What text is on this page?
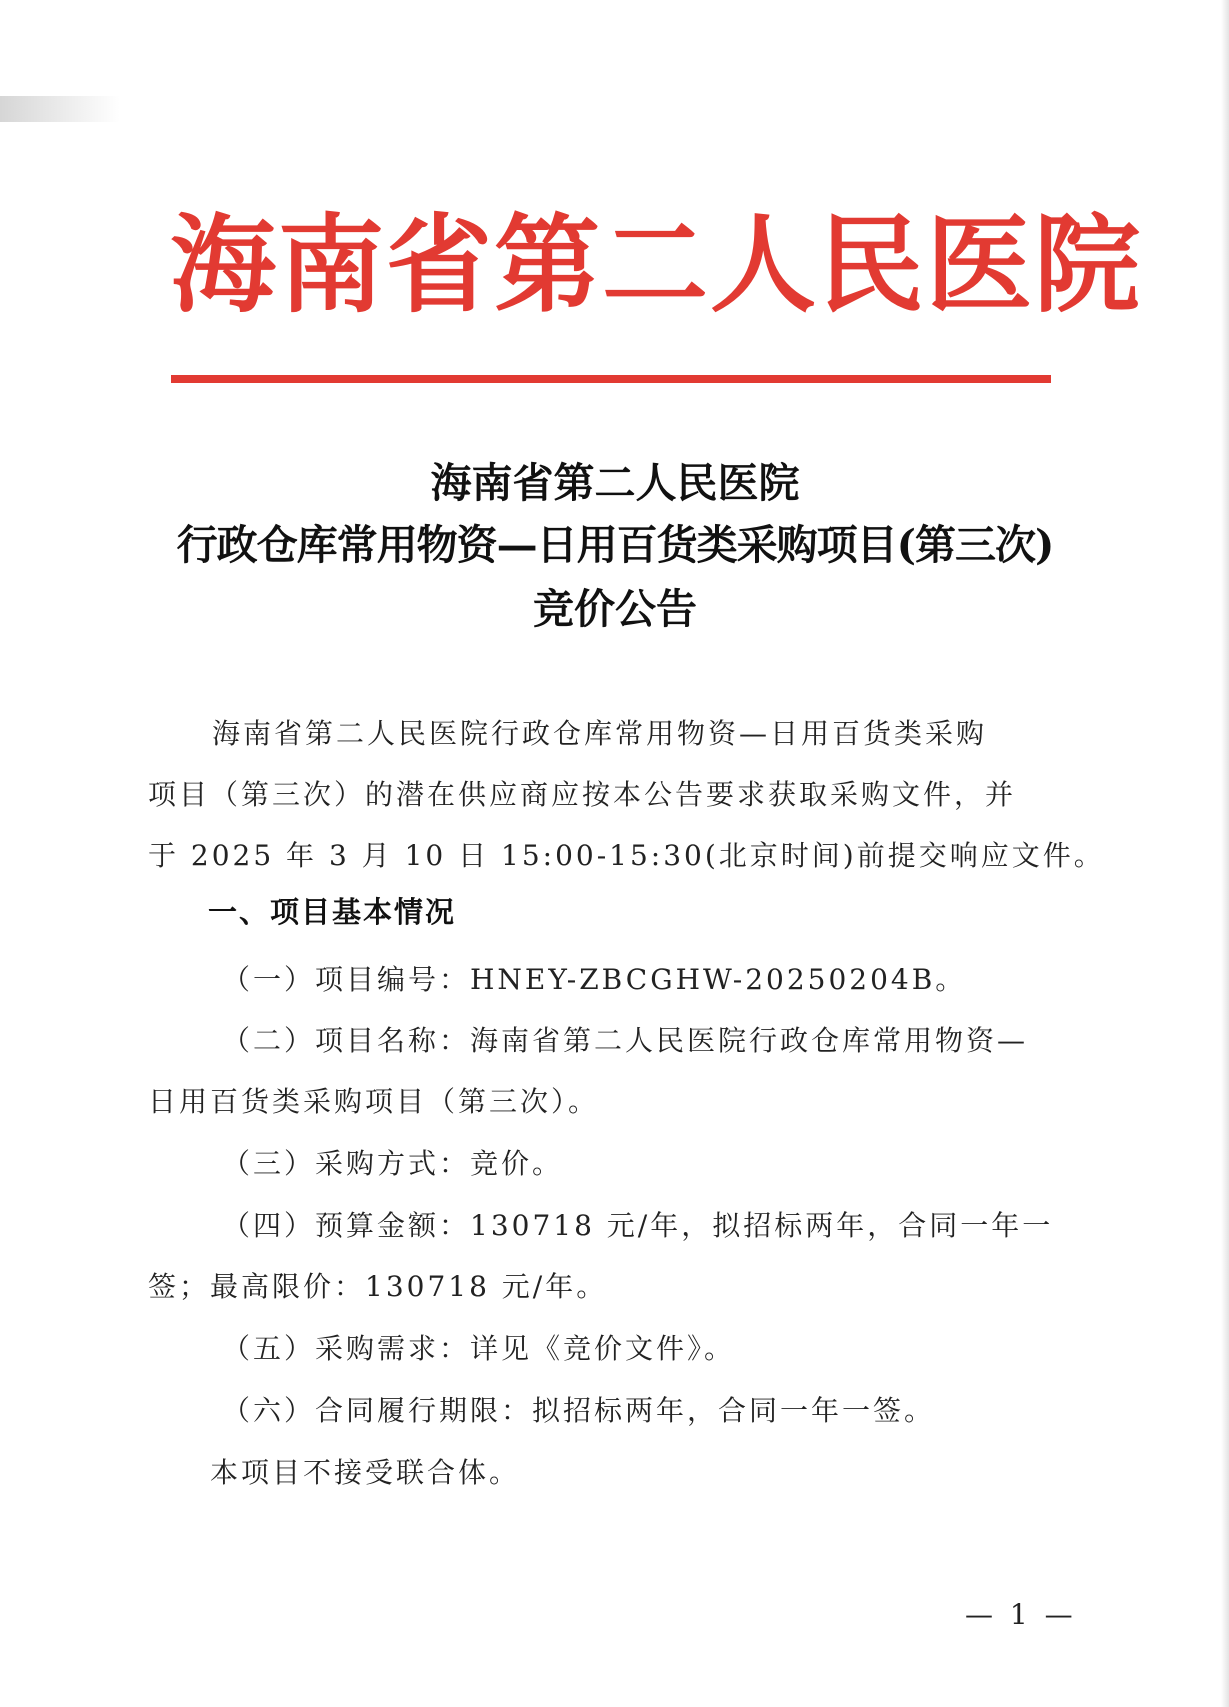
海南省第二人民医院
海南省第二人民医院
行政仓库常用物资—日用百货类采购项目(第三次)
竞价公告
海南省第二人民医院行政仓库常用物资—日用百货类采购
项目（第三次）的潜在供应商应按本公告要求获取采购文件，并
于 2025 年 3 月 10 日 15:00-15:30(北京时间)前提交响应文件。
一、项目基本情况
（一）项目编号：HNEY-ZBCGHW-20250204B。
（二）项目名称：海南省第二人民医院行政仓库常用物资—
日用百货类采购项目（第三次）。
（三）采购方式：竞价。
（四）预算金额：130718 元/年，拟招标两年，合同一年一
签；最高限价：130718 元/年。
（五）采购需求：详见《竞价文件》。
（六）合同履行期限：拟招标两年，合同一年一签。
本项目不接受联合体。
— 1 —
